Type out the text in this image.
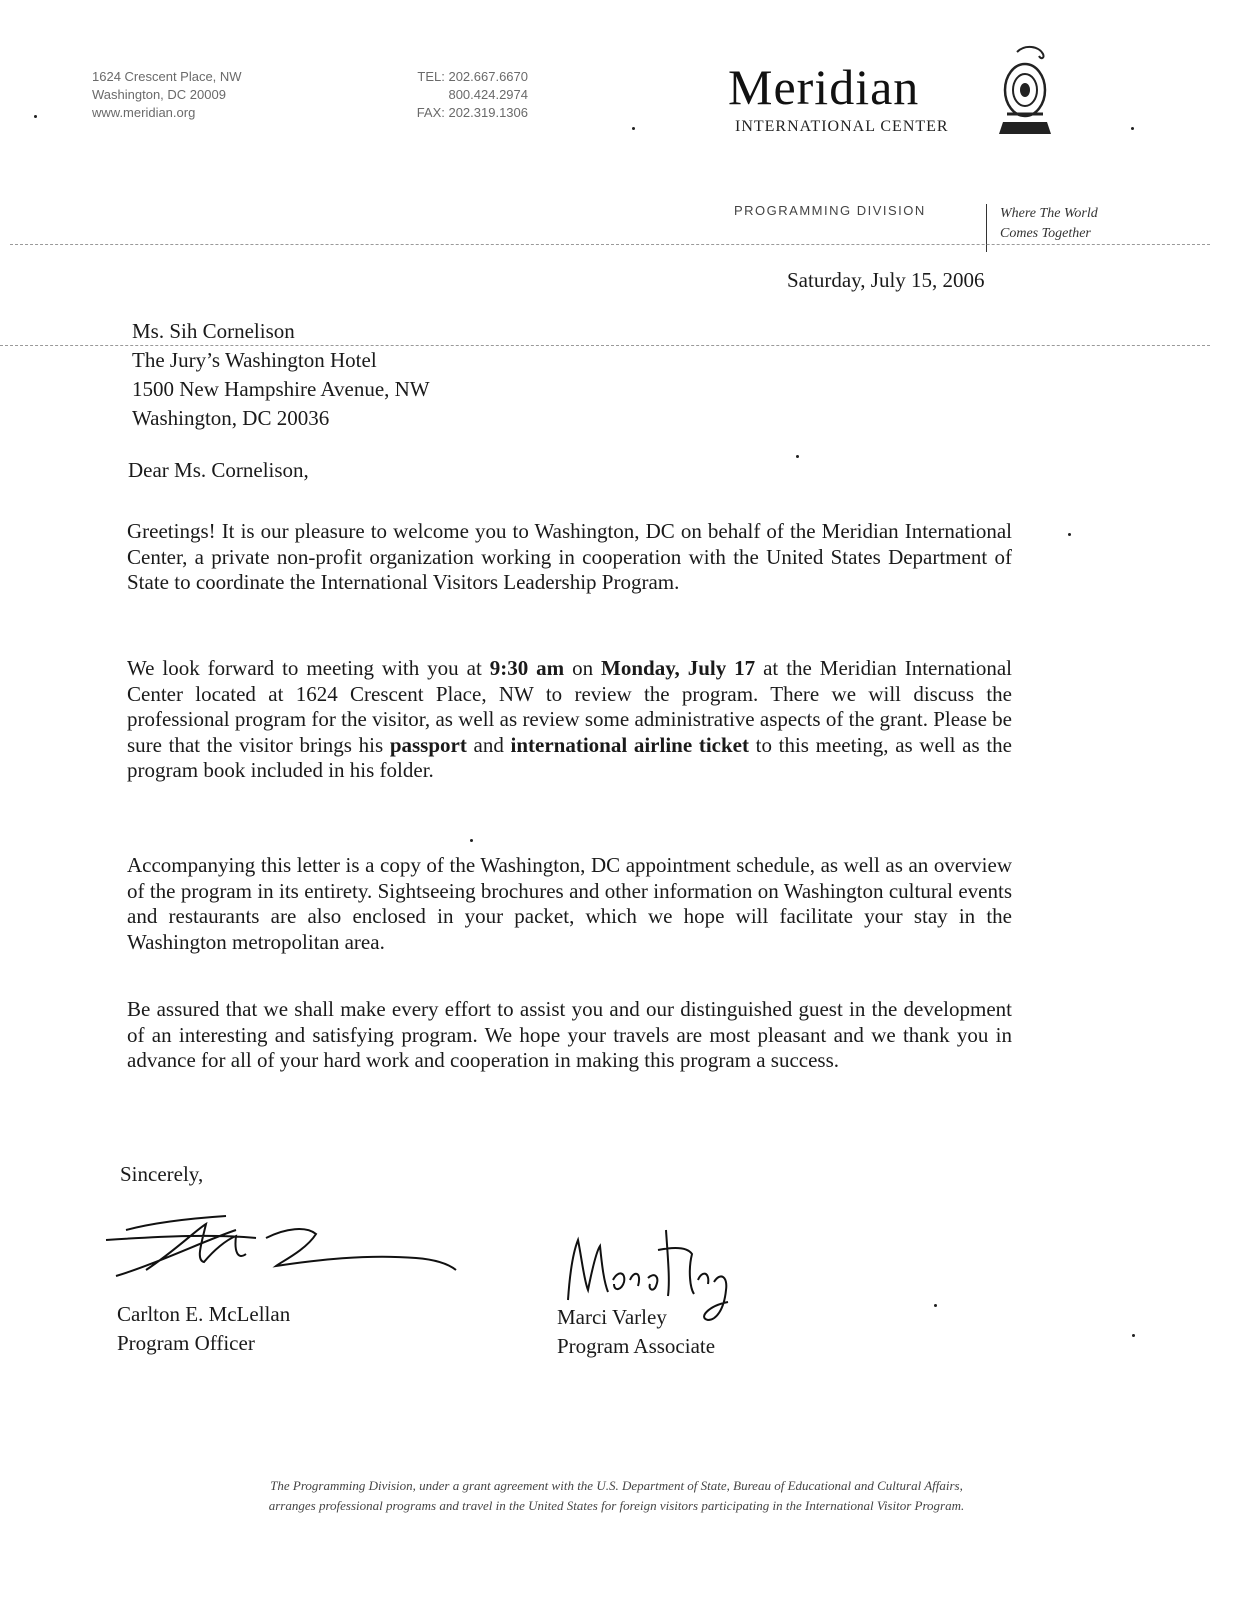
1624 Crescent Place, NW
Washington, DC 20009
www.meridian.org
TEL: 202.667.6670
800.424.2974
FAX: 202.319.1306	Meridian
INTERNATIONAL CENTER
PROGRAMMING DIVISION	Where The World
Comes Together
Saturday, July 15, 2006
Ms. Sih Cornelison
The Jury’s Washington Hotel
1500 New Hampshire Avenue, NW
Washington, DC 20036
Dear Ms. Cornelison,
Greetings! It is our pleasure to welcome you to Washington, DC on behalf of the Meridian International Center, a private non-profit organization working in cooperation with the United States Department of State to coordinate the International Visitors Leadership Program.
We look forward to meeting with you at 9:30 am on Monday, July 17 at the Meridian International Center located at 1624 Crescent Place, NW to review the program. There we will discuss the professional program for the visitor, as well as review some administrative aspects of the grant. Please be sure that the visitor brings his passport and international airline ticket to this meeting, as well as the program book included in his folder.
Accompanying this letter is a copy of the Washington, DC appointment schedule, as well as an overview of the program in its entirety. Sightseeing brochures and other information on Washington cultural events and restaurants are also enclosed in your packet, which we hope will facilitate your stay in the Washington metropolitan area.
Be assured that we shall make every effort to assist you and our distinguished guest in the development of an interesting and satisfying program. We hope your travels are most pleasant and we thank you in advance for all of your hard work and cooperation in making this program a success.
Sincerely,
Carlton E. McLellan
Program Officer
Marci Varley
Program Associate
The Programming Division, under a grant agreement with the U.S. Department of State, Bureau of Educational and Cultural Affairs,
arranges professional programs and travel in the United States for foreign visitors participating in the International Visitor Program.
